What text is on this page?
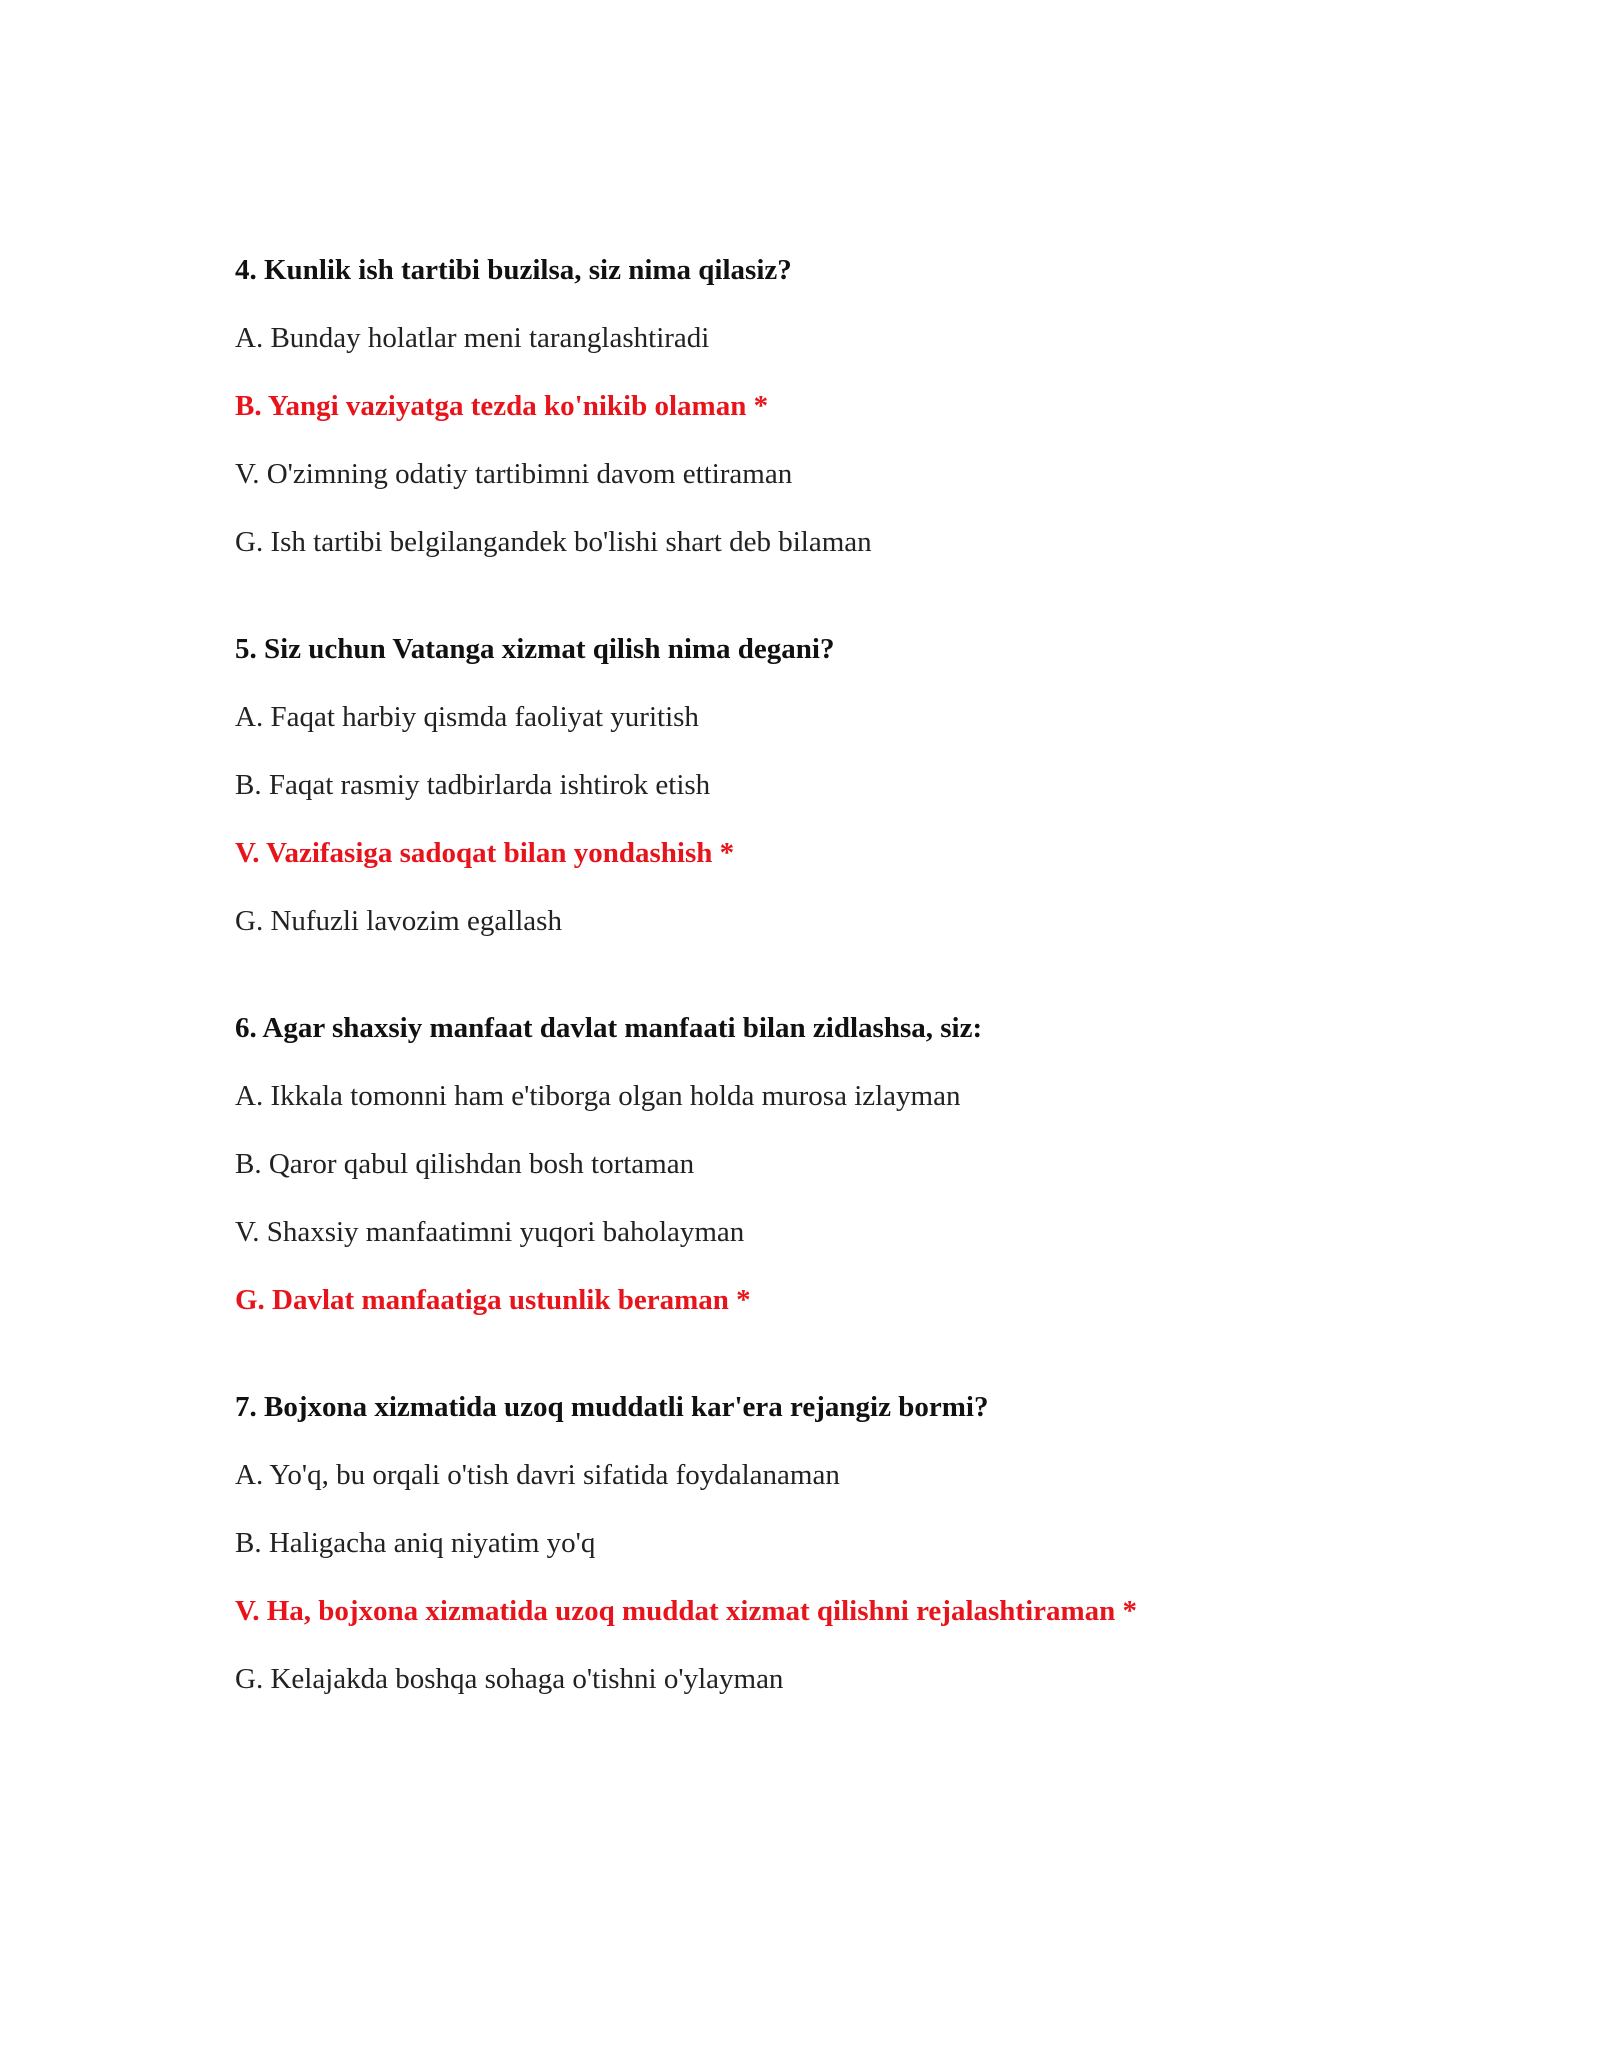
4. Kunlik ish tartibi buzilsa, siz nima qilasiz?

A. Bunday holatlar meni taranglashtiradi
B. Yangi vaziyatga tezda ko'nikib olaman *
V. O'zimning odatiy tartibimni davom ettiraman
G. Ish tartibi belgilangandek bo'lishi shart deb bilaman

5. Siz uchun Vatanga xizmat qilish nima degani?

A. Faqat harbiy qismda faoliyat yuritish
B. Faqat rasmiy tadbirlarda ishtirok etish
V. Vazifasiga sadoqat bilan yondashish *
G. Nufuzli lavozim egallash

6. Agar shaxsiy manfaat davlat manfaati bilan zidlashsa, siz:

A. Ikkala tomonni ham e'tiborga olgan holda murosa izlayman
B. Qaror qabul qilishdan bosh tortaman
V. Shaxsiy manfaatimni yuqori baholayman
G. Davlat manfaatiga ustunlik beraman *

7. Bojxona xizmatida uzoq muddatli kar'era rejangiz bormi?

A. Yo'q, bu orqali o'tish davri sifatida foydalanaman
B. Haligacha aniq niyatim yo'q
V. Ha, bojxona xizmatida uzoq muddat xizmat qilishni rejalashtiraman *
G. Kelajakda boshqa sohaga o'tishni o'ylayman
